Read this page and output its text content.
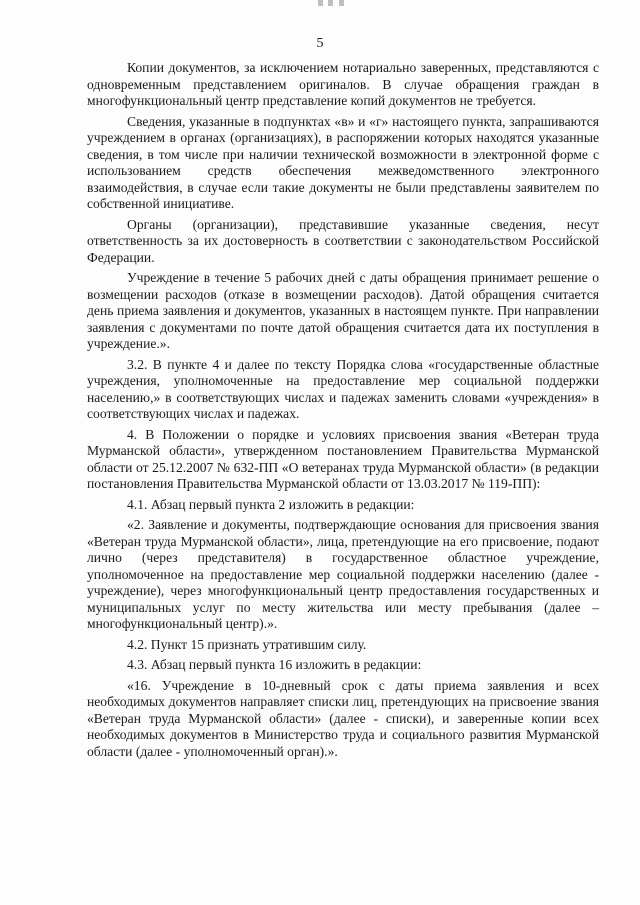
5

Копии документов, за исключением нотариально заверенных, представляются с одновременным представлением оригиналов. В случае обращения граждан в многофункциональный центр представление копий документов не требуется.

Сведения, указанные в подпунктах «в» и «г» настоящего пункта, запрашиваются учреждением в органах (организациях), в распоряжении которых находятся указанные сведения, в том числе при наличии технической возможности в электронной форме с использованием средств обеспечения межведомственного электронного взаимодействия, в случае если такие документы не были представлены заявителем по собственной инициативе.

Органы (организации), представившие указанные сведения, несут ответственность за их достоверность в соответствии с законодательством Российской Федерации.

Учреждение в течение 5 рабочих дней с даты обращения принимает решение о возмещении расходов (отказе в возмещении расходов). Датой обращения считается день приема заявления и документов, указанных в настоящем пункте. При направлении заявления с документами по почте датой обращения считается дата их поступления в учреждение.».

3.2. В пункте 4 и далее по тексту Порядка слова «государственные областные учреждения, уполномоченные на предоставление мер социальной поддержки населению,» в соответствующих числах и падежах заменить словами «учреждения» в соответствующих числах и падежах.

4. В Положении о порядке и условиях присвоения звания «Ветеран труда Мурманской области», утвержденном постановлением Правительства Мурманской области от 25.12.2007 № 632-ПП «О ветеранах труда Мурманской области» (в редакции постановления Правительства Мурманской области от 13.03.2017 № 119-ПП):

4.1. Абзац первый пункта 2 изложить в редакции:

«2. Заявление и документы, подтверждающие основания для присвоения звания «Ветеран труда Мурманской области», лица, претендующие на его присвоение, подают лично (через представителя) в государственное областное учреждение, уполномоченное на предоставление мер социальной поддержки населению (далее - учреждение), через многофункциональный центр предоставления государственных и муниципальных услуг по месту жительства или месту пребывания (далее – многофункциональный центр).».

4.2. Пункт 15 признать утратившим силу.

4.3. Абзац первый пункта 16 изложить в редакции:

«16. Учреждение в 10-дневный срок с даты приема заявления и всех необходимых документов направляет списки лиц, претендующих на присвоение звания «Ветеран труда Мурманской области» (далее - списки), и заверенные копии всех необходимых документов в Министерство труда и социального развития Мурманской области (далее - уполномоченный орган).».
